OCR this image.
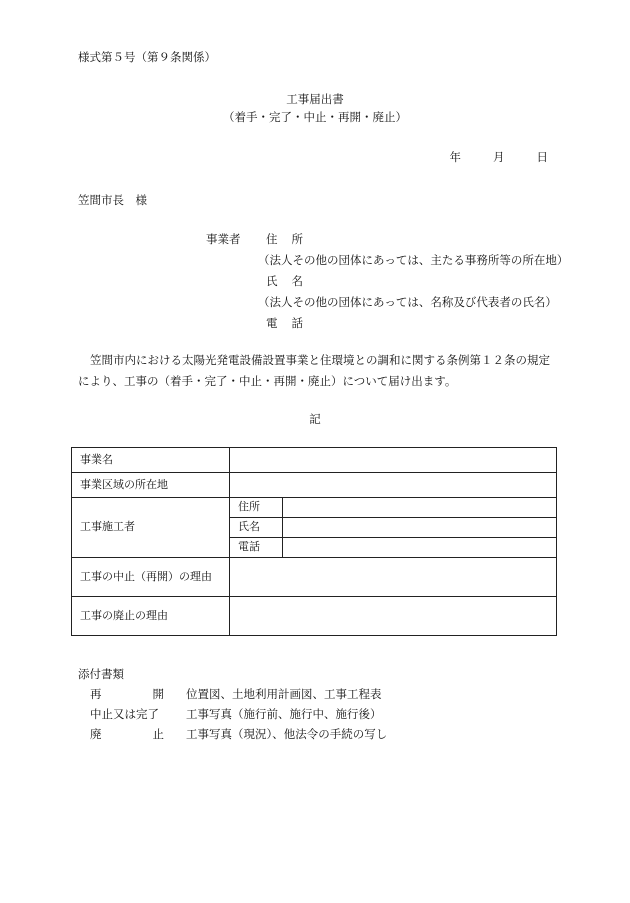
様式第５号（第９条関係）
工事届出書
（着手・完了・中止・再開・廃止）
年	月	日
笠間市長　様
事業者	住 所
（法人その他の団体にあっては、主たる事務所等の所在地）
氏 名
（法人その他の団体にあっては、名称及び代表者の氏名）
電 話
笠間市内における太陽光発電設備設置事業と住環境との調和に関する条例第１２条の規定により、工事の（着手・完了・中止・再開・廃止）について届け出ます。
記
事業名		
事業区域の所在地		
工事施工者	住所	
	氏名	
	電話	
工事の中止（再開）の理由		
工事の廃止の理由		
添付書類
再	開 位置図、土地利用計画図、工事工程表
中止又は完了 工事写真（施行前、施行中、施行後）
廃	止 工事写真（現況）、他法令の手続の写し
